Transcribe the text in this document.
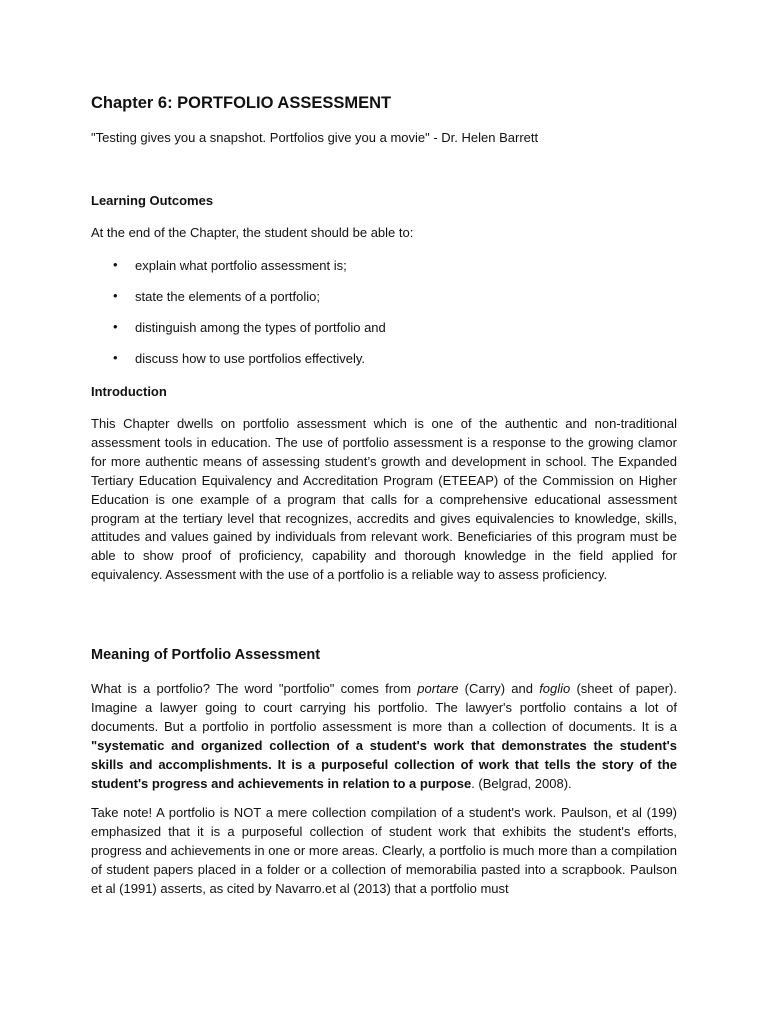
Chapter 6: PORTFOLIO ASSESSMENT

"Testing gives you a snapshot. Portfolios give you a movie" - Dr. Helen Barrett

Learning Outcomes

At the end of the Chapter, the student should be able to:

• explain what portfolio assessment is;
• state the elements of a portfolio;
• distinguish among the types of portfolio and
• discuss how to use portfolios effectively.
Introduction

This Chapter dwells on portfolio assessment which is one of the authentic and non-traditional assessment tools in education. The use of portfolio assessment is a response to the growing clamor for more authentic means of assessing student’s growth and development in school. The Expanded Tertiary Education Equivalency and Accreditation Program (ETEEAP) of the Commission on Higher Education is one example of a program that calls for a comprehensive educational assessment program at the tertiary level that recognizes, accredits and gives equivalencies to knowledge, skills, attitudes and values gained by individuals from relevant work. Beneficiaries of this program must be able to show proof of proficiency, capability and thorough knowledge in the field applied for equivalency. Assessment with the use of a portfolio is a reliable way to assess proficiency.

Meaning of Portfolio Assessment

What is a portfolio? The word "portfolio" comes from portare (Carry) and foglio (sheet of paper). Imagine a lawyer going to court carrying his portfolio. The lawyer's portfolio contains a lot of documents. But a portfolio in portfolio assessment is more than a collection of documents. It is a "systematic and organized collection of a student's work that demonstrates the student's skills and accomplishments. It is a purposeful collection of work that tells the story of the student's progress and achievements in relation to a purpose. (Belgrad, 2008).

Take note! A portfolio is NOT a mere collection compilation of a student's work. Paulson, et al (199) emphasized that it is a purposeful collection of student work that exhibits the student's efforts, progress and achievements in one or more areas. Clearly, a portfolio is much more than a compilation of student papers placed in a folder or a collection of memorabilia pasted into a scrapbook. Paulson et al (1991) asserts, as cited by Navarro.et al (2013) that a portfolio must
